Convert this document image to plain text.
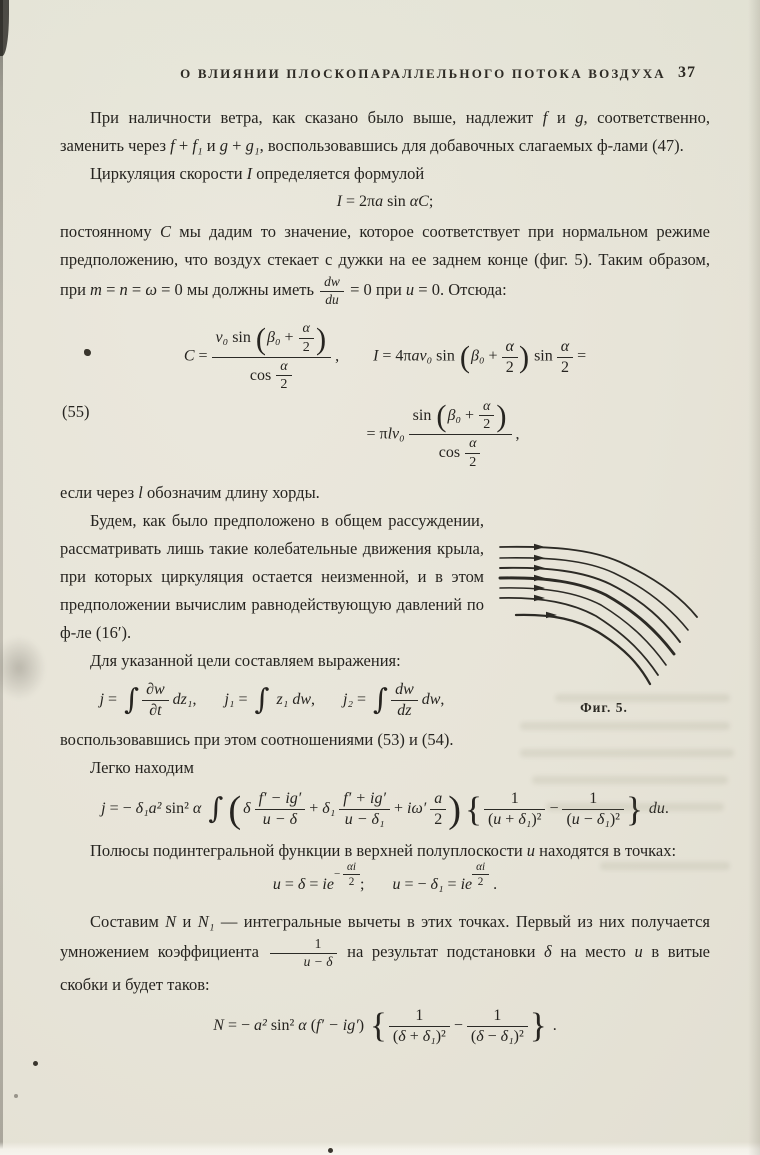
О ВЛИЯНИИ ПЛОСКОПАРАЛЛЕЛЬНОГО ПОТОКА ВОЗДУХА 37

При наличности ветра, как сказано было выше, надлежит f и g, соответственно, заменить через f + f₁ и g + g₁, воспользовавшись для добавочных слагаемых ф-лами (47).

Циркуляция скорости I определяется формулой

I = 2πa sin αC;

постоянному C мы дадим то значение, которое соответствует при нормальном режиме предположению, что воздух стекает с дужки на ее заднем конце (фиг. 5). Таким образом, при m = n = ω = 0 мы должны иметь $\frac{dw}{du} = 0$ при u = 0. Отсюда:

(55)
$C = \frac{v_0 \sin (\beta_0 + \frac{\alpha}{2} )}{\cos \frac{\alpha}{2}}$ , I = 4πav₀ $\sin (\beta_0 + \frac{\alpha}{2}$ ) $\sin \frac{\alpha}{2}$ =
= $\pi lv_0 \frac{\sin (\beta_0 + \frac{\alpha}{2} )}{\cos \frac{\alpha}{2}}$ ,

если через l обозначим длину хорды.

Фиг. 5.

Будем, как было предположено в общем рассуждении, рассматривать лишь такие колебательные движения крыла, при которых циркуляция остается неизменной, и в этом предположении вычислим равнодействующую давлений по ф-ле (16′).

Для указанной цели составляем выражения:

j = ∫ $\frac{\partial w}{\partial t} dz_1$, j₁ = ∫ z₁ dw, j₂ = ∫ $\frac{dw}{dz}$ dw,

воспользовавшись при этом соотношениями (53) и (54).

Легко находим

j = − δ₁a² sin² α ∫ ( δ $\frac{f' - ig'}{u - \delta} + \delta_1 \frac{f' + ig'}{\text{u − δ₁}} + i\omega' \frac{a}{2}$ ) { $\frac{1}{\text{(u + δ₁)²}} - \frac{1}{\text{(u − δ₁)²}}$ } du.

Полюсы подинтегральной функции в верхней полуплоскости u находятся в точках:

$u = \delta = ie- \frac{\alpha i}{2}$ ; u = − δ₁ = ie $\frac{\alpha i}{2}$ .

Составим N и N₁ — интегральные вычеты в этих точках. Первый из них получается умножением коэффициента $\frac{1}{u - \delta}$ на результат подстановки δ на место u в витые скобки и будет таков:

N = − a² sin² α (f′ − ig′) { $\frac{1}{\text{(δ + δ₁)²}} - \frac{1}{\text{(δ − δ₁)²}}$ } .
